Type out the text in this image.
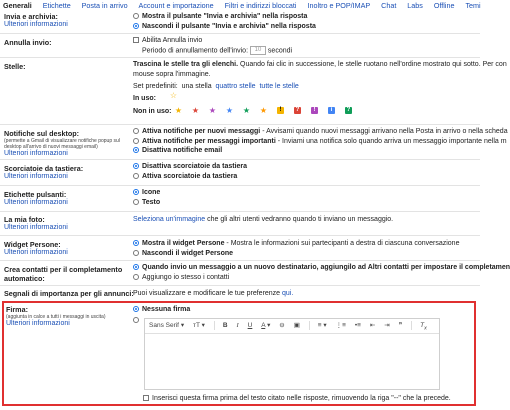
Generali Etichette Posta in arrivo Account e importazione Filtri e indirizzi bloccati Inoltro e POP/IMAP Chat Labs Offline Temi
Invia e archivia:
Ulteriori informazioni
Mostra il pulsante "Invia e archivia" nella risposta
Nascondi il pulsante "Invia e archivia" nella risposta
Annulla invio:	Abilita Annulla invio
Periodo di annullamento dell'invio: 10 secondi
Stelle:	Trascina le stelle tra gli elenchi. Quando fai clic in successione, le stelle ruotano nell'ordine mostrato qui sotto. Per con
mouse sopra l'immagine.
Set predefiniti: una stella quattro stelle tutte le stelle
In uso:	☆
Non in uso: ★ ★ ★ ★ ★ ★ ! ? !	i ?
Notifiche sul desktop:
(permette a Gmail di visualizzare notifiche popup sul desktop all'arrivo di nuovi messaggi email)
Ulteriori informazioni
Attiva notifiche per nuovi messaggi - Avvisami quando nuovi messaggi arrivano nella Posta in arrivo o nella scheda
Attiva notifiche per messaggi importanti - Inviami una notifica solo quando arriva un messaggio importante nella m
Disattiva notifiche email
Scorciatoie da tastiera:
Ulteriori informazioni
Disattiva scorciatoie da tastiera
Attiva scorciatoie da tastiera
Etichette pulsanti:
Ulteriori informazioni
Icone
Testo
La mia foto:
Ulteriori informazioni
Seleziona un'immagine che gli altri utenti vedranno quando ti inviano un messaggio.
Widget Persone:
Ulteriori informazioni
Mostra il widget Persone - Mostra le informazioni sui partecipanti a destra di ciascuna conversazione
Nascondi il widget Persone
Crea contatti per il completamento automatico:
Quando invio un messaggio a un nuovo destinatario, aggiungilo ad Altri contatti per impostare il completamen
Aggiungo io stesso i contatti
Segnali di importanza per gli annunci: Puoi visualizzare e modificare le tue preferenze qui.
Firma:
(aggiunta in calce a tutti i messaggi in uscita)
Ulteriori informazioni
Nessuna firma
Sans Serif ▾ тT ▾	B I U A ▾ ⊖ ▣	≡ ▾ ⋮≡ •≡ ⇤ ⇥ ❞	$T_x$
Inserisci questa firma prima del testo citato nelle risposte, rimuovendo la riga "--" che la precede.
